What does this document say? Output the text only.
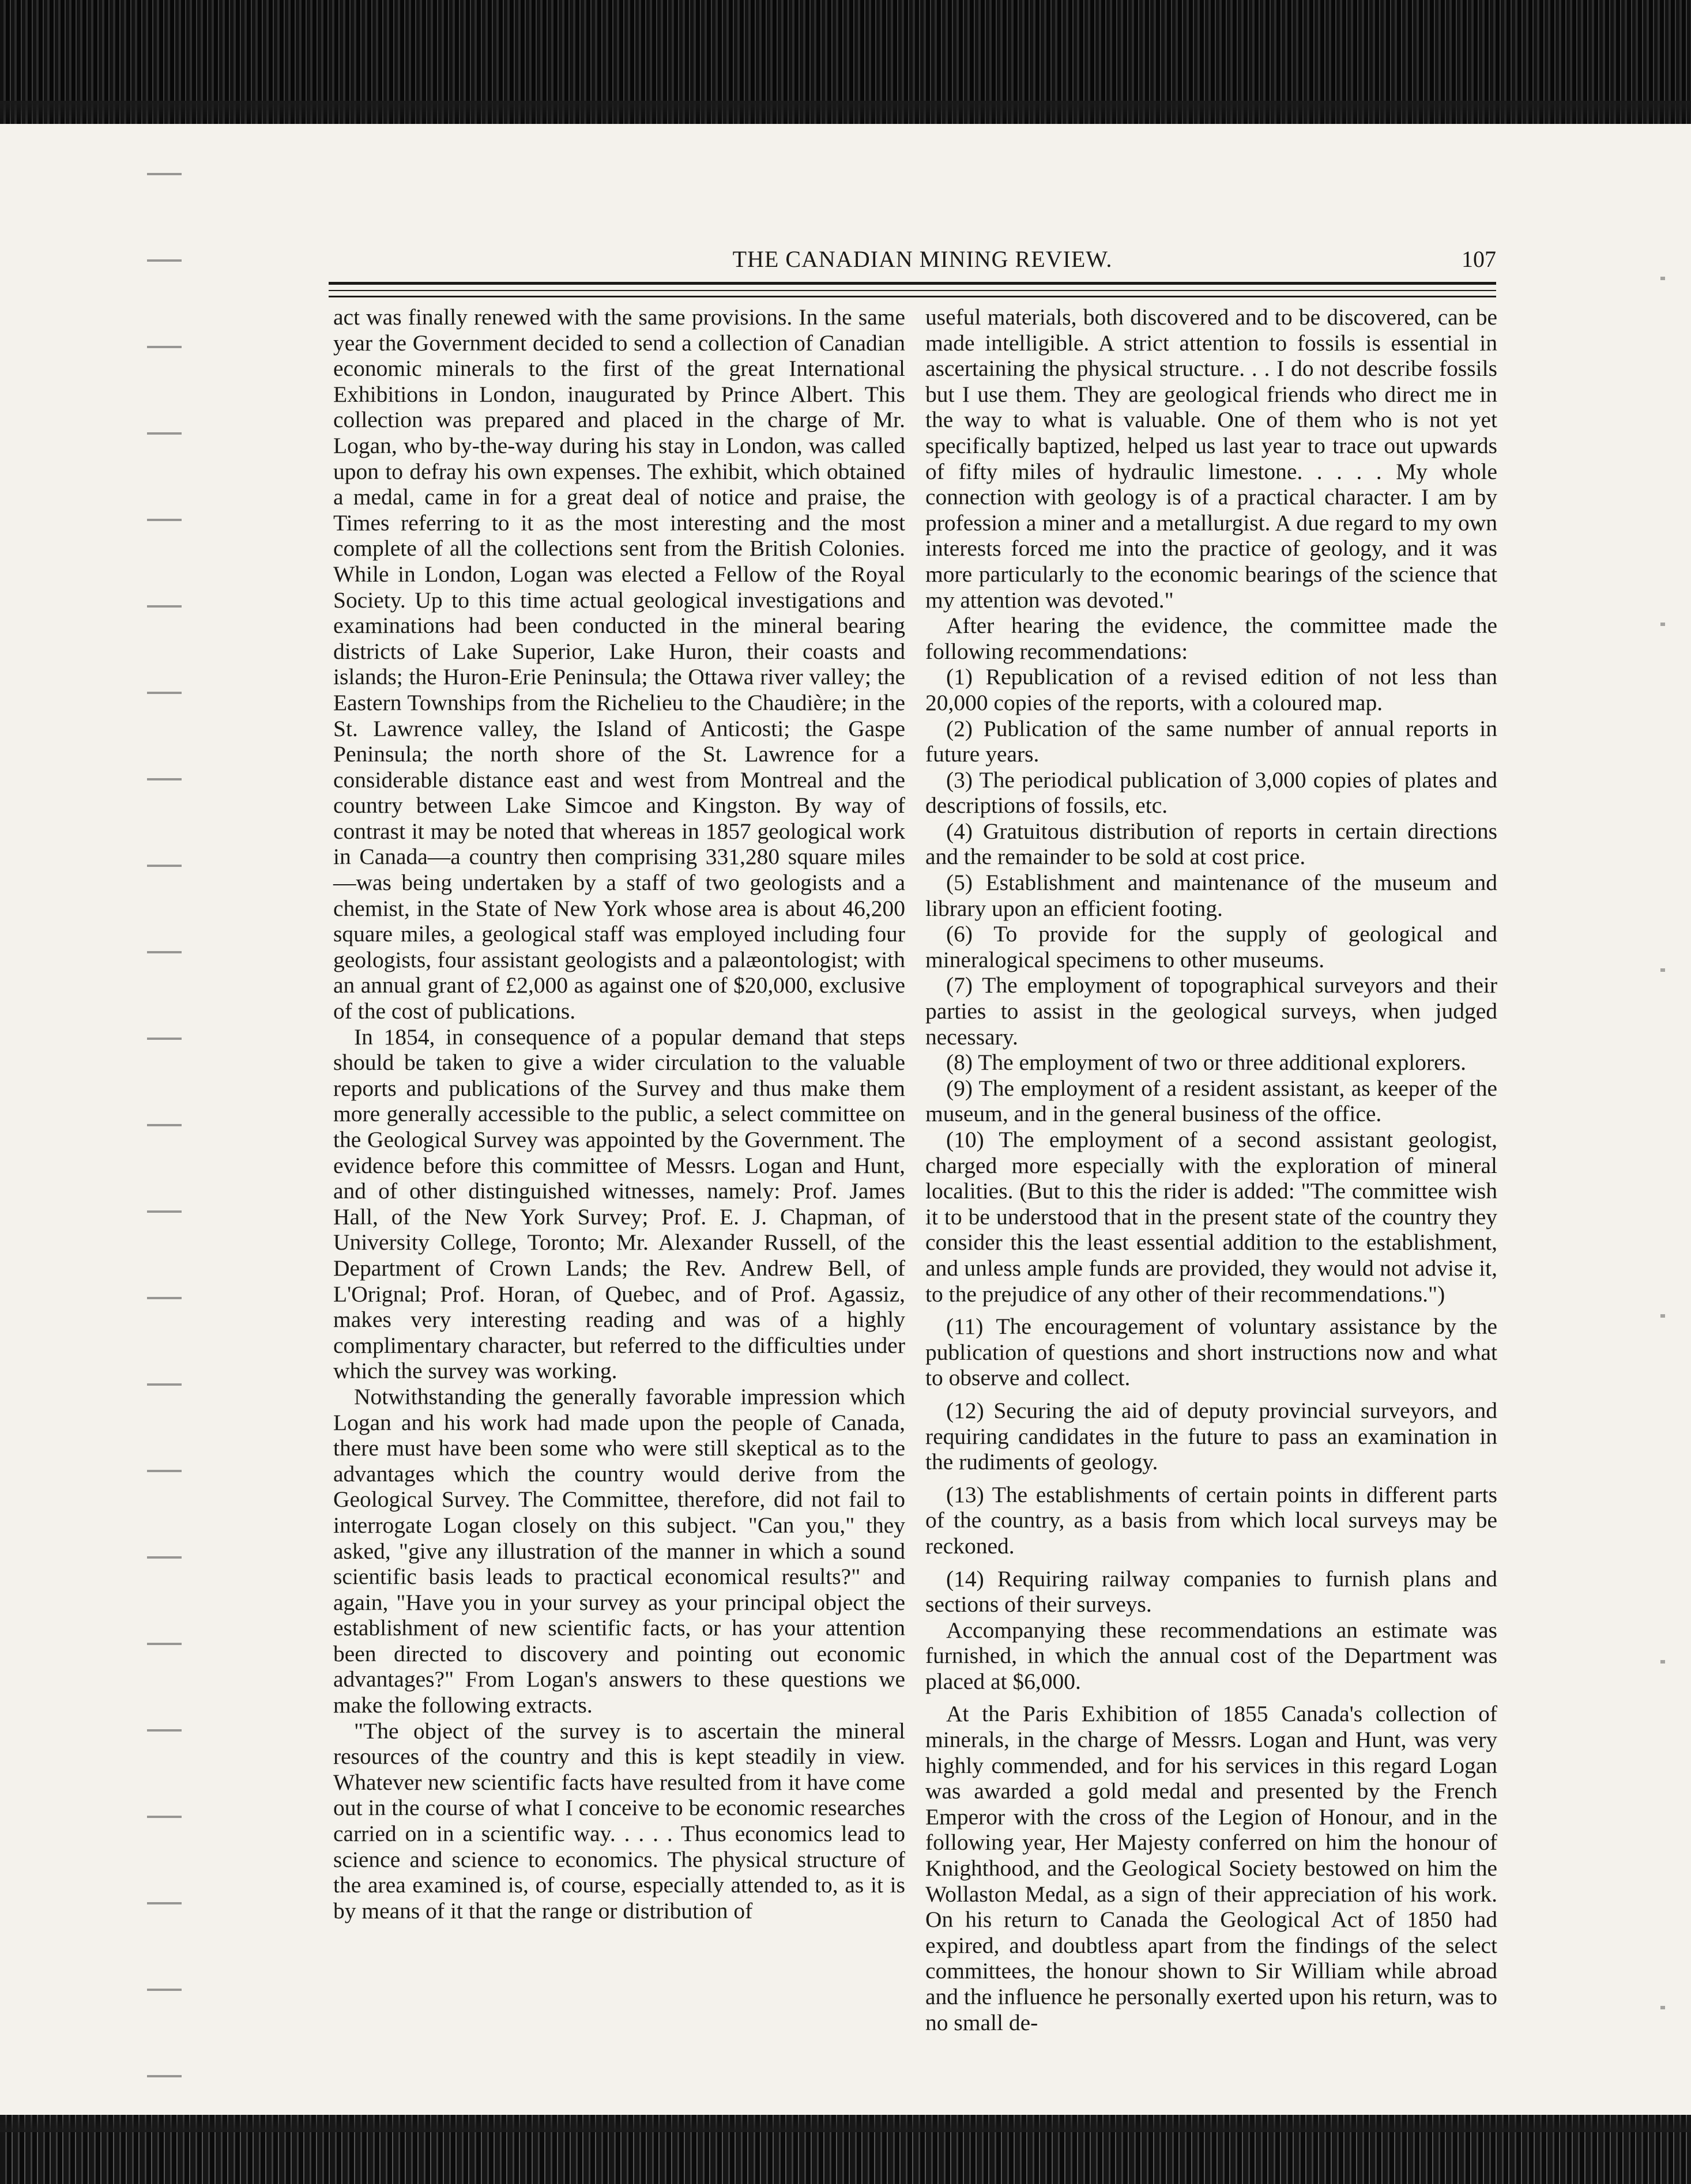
THE CANADIAN MINING REVIEW.	107

act was finally renewed with the same provisions. In the same year the Government decided to send a collection of Canadian economic minerals to the first of the great International Exhibitions in London, inaugurated by Prince Albert. This collection was prepared and placed in the charge of Mr. Logan, who by-the-way during his stay in London, was called upon to defray his own expenses. The exhibit, which obtained a medal, came in for a great deal of notice and praise, the Times referring to it as the most interesting and the most complete of all the collections sent from the British Colonies. While in London, Logan was elected a Fellow of the Royal Society. Up to this time actual geological investigations and examinations had been conducted in the mineral bearing districts of Lake Superior, Lake Huron, their coasts and islands; the Huron-Erie Peninsula; the Ottawa river valley; the Eastern Townships from the Richelieu to the Chaudière; in the St. Lawrence valley, the Island of Anticosti; the Gaspe Peninsula; the north shore of the St. Lawrence for a considerable distance east and west from Montreal and the country between Lake Simcoe and Kingston. By way of contrast it may be noted that whereas in 1857 geological work in Canada—a country then comprising 331,280 square miles—was being undertaken by a staff of two geologists and a chemist, in the State of New York whose area is about 46,200 square miles, a geological staff was employed including four geologists, four assistant geologists and a palæontologist; with an annual grant of £2,000 as against one of $20,000, exclusive of the cost of publications.

In 1854, in consequence of a popular demand that steps should be taken to give a wider circulation to the valuable reports and publications of the Survey and thus make them more generally accessible to the public, a select committee on the Geological Survey was appointed by the Government. The evidence before this committee of Messrs. Logan and Hunt, and of other distinguished witnesses, namely: Prof. James Hall, of the New York Survey; Prof. E. J. Chapman, of University College, Toronto; Mr. Alexander Russell, of the Department of Crown Lands; the Rev. Andrew Bell, of L'Orignal; Prof. Horan, of Quebec, and of Prof. Agassiz, makes very interesting reading and was of a highly complimentary character, but referred to the difficulties under which the survey was working.

Notwithstanding the generally favorable impression which Logan and his work had made upon the people of Canada, there must have been some who were still skeptical as to the advantages which the country would derive from the Geological Survey. The Committee, therefore, did not fail to interrogate Logan closely on this subject. "Can you," they asked, "give any illustration of the manner in which a sound scientific basis leads to practical economical results?" and again, "Have you in your survey as your principal object the establishment of new scientific facts, or has your attention been directed to discovery and pointing out economic advantages?" From Logan's answers to these questions we make the following extracts.

"The object of the survey is to ascertain the mineral resources of the country and this is kept steadily in view. Whatever new scientific facts have resulted from it have come out in the course of what I conceive to be economic researches carried on in a scientific way. . . . . Thus economics lead to science and science to economics. The physical structure of the area examined is, of course, especially attended to, as it is by means of it that the range or distribution of

useful materials, both discovered and to be discovered, can be made intelligible. A strict attention to fossils is essential in ascertaining the physical structure. . . I do not describe fossils but I use them. They are geological friends who direct me in the way to what is valuable. One of them who is not yet specifically baptized, helped us last year to trace out upwards of fifty miles of hydraulic limestone. . . . . My whole connection with geology is of a practical character. I am by profession a miner and a metallurgist. A due regard to my own interests forced me into the practice of geology, and it was more particularly to the economic bearings of the science that my attention was devoted."

After hearing the evidence, the committee made the following recommendations:

(1) Republication of a revised edition of not less than 20,000 copies of the reports, with a coloured map.

(2) Publication of the same number of annual reports in future years.

(3) The periodical publication of 3,000 copies of plates and descriptions of fossils, etc.

(4) Gratuitous distribution of reports in certain directions and the remainder to be sold at cost price.

(5) Establishment and maintenance of the museum and library upon an efficient footing.

(6) To provide for the supply of geological and mineralogical specimens to other museums.

(7) The employment of topographical surveyors and their parties to assist in the geological surveys, when judged necessary.

(8) The employment of two or three additional explorers.

(9) The employment of a resident assistant, as keeper of the museum, and in the general business of the office.

(10) The employment of a second assistant geologist, charged more especially with the exploration of mineral localities. (But to this the rider is added: "The committee wish it to be understood that in the present state of the country they consider this the least essential addition to the establishment, and unless ample funds are provided, they would not advise it, to the prejudice of any other of their recommendations.")

(11) The encouragement of voluntary assistance by the publication of questions and short instructions now and what to observe and collect.

(12) Securing the aid of deputy provincial surveyors, and requiring candidates in the future to pass an examination in the rudiments of geology.

(13) The establishments of certain points in different parts of the country, as a basis from which local surveys may be reckoned.

(14) Requiring railway companies to furnish plans and sections of their surveys.

Accompanying these recommendations an estimate was furnished, in which the annual cost of the Department was placed at $6,000.

At the Paris Exhibition of 1855 Canada's collection of minerals, in the charge of Messrs. Logan and Hunt, was very highly commended, and for his services in this regard Logan was awarded a gold medal and presented by the French Emperor with the cross of the Legion of Honour, and in the following year, Her Majesty conferred on him the honour of Knighthood, and the Geological Society bestowed on him the Wollaston Medal, as a sign of their appreciation of his work. On his return to Canada the Geological Act of 1850 had expired, and doubtless apart from the findings of the select committees, the honour shown to Sir William while abroad and the influence he personally exerted upon his return, was to no small de-
